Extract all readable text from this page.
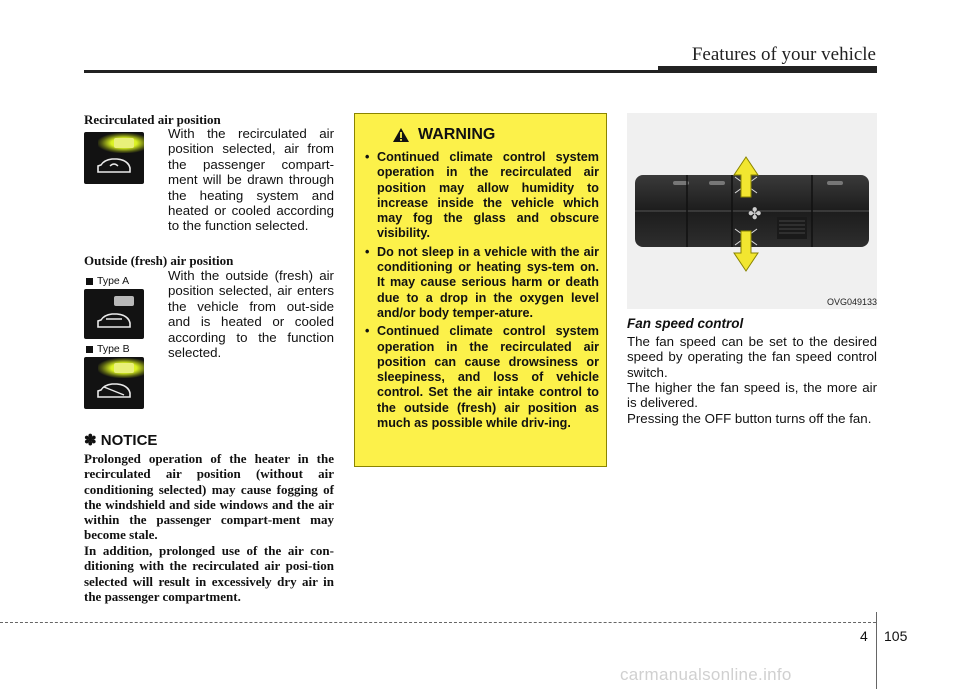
Features of your vehicle
Recirculated air position
With the recirculated air position selected, air from the passenger compart-ment will be drawn through the heating system and heated or cooled according to the function selected.
Outside (fresh) air position
Type A
Type B
With the outside (fresh) air position selected, air enters the vehicle from out-side and is heated or cooled according to the function selected.
✽ NOTICE
Prolonged operation of the heater in the recirculated air position (without air conditioning selected) may cause fogging of the windshield and side windows and the air within the passenger compart-ment may become stale.
In addition, prolonged use of the air con-ditioning with the recirculated air posi-tion selected will result in excessively dry air in the passenger compartment.
WARNING
• Continued climate control system operation in the recirculated air position may allow humidity to increase inside the vehicle which may fog the glass and obscure visibility.
• Do not sleep in a vehicle with the air conditioning or heating sys-tem on. It may cause serious harm or death due to a drop in the oxygen level and/or body temper-ature.
• Continued climate control system operation in the recirculated air position can cause drowsiness or sleepiness, and loss of vehicle control. Set the air intake control to the outside (fresh) air position as much as possible while driv-ing.
✤
OVG049133
Fan speed control
The fan speed can be set to the desired speed by operating the fan speed control switch.
The higher the fan speed is, the more air is delivered.
Pressing the OFF button turns off the fan.
4 105
carmanualsonline.info
